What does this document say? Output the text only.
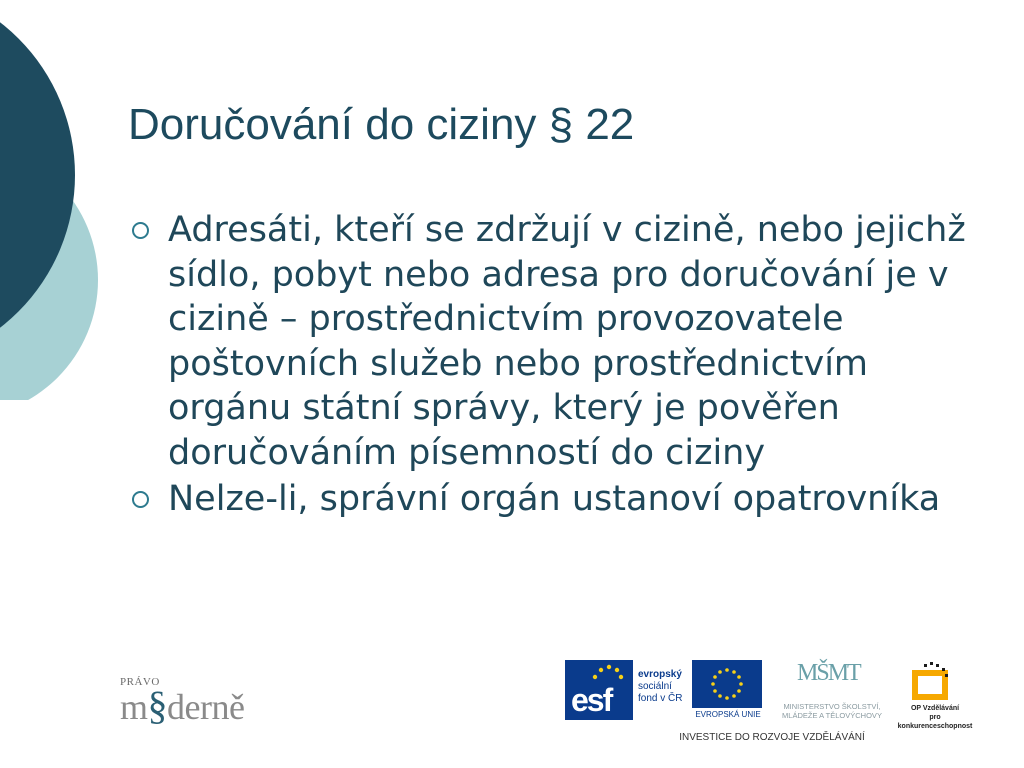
Doručování do ciziny § 22
Adresáti, kteří se zdržují v cizině, nebo jejichž sídlo, pobyt nebo adresa pro doručování je v cizině – prostřednictvím provozovatele poštovních služeb nebo prostřednictvím orgánu státní správy, který je pověřen doručováním písemností do ciziny
Nelze-li, správní orgán ustanoví opatrovníka
PRÁVO
m§derně	esf
evropský
sociální
fond v ČR
EVROPSKÁ UNIE
MŠMT
MINISTERSTVO ŠKOLSTVÍ,
MLÁDEŽE A TĚLOVÝCHOVY
OP Vzdělávání
pro konkurenceschopnost
INVESTICE DO ROZVOJE VZDĚLÁVÁNÍ
